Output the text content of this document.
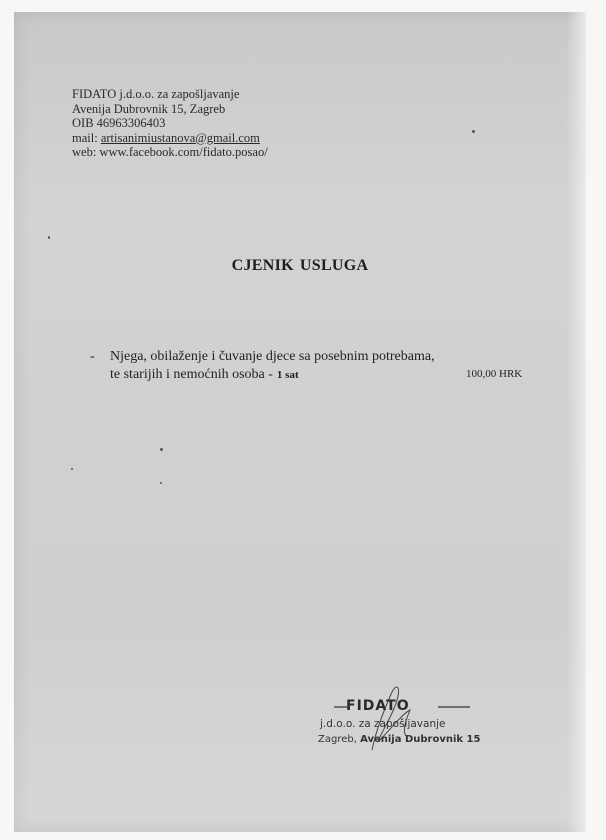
FIDATO j.d.o.o. za zapošljavanje
Avenija Dubrovnik 15, Zagreb
OIB 46963306403
mail: artisanimiustanova@gmail.com
web: www.facebook.com/fidato.posao/
CJENIK USLUGA
- Njega, obilaženje i čuvanje djece sa posebnim potrebama,
te starijih i nemoćnih osoba - 1 sat	100,00 HRK
FIDATO
j.d.o.o. za zapošljavanje
Zagreb, Avenija Dubrovnik 15
